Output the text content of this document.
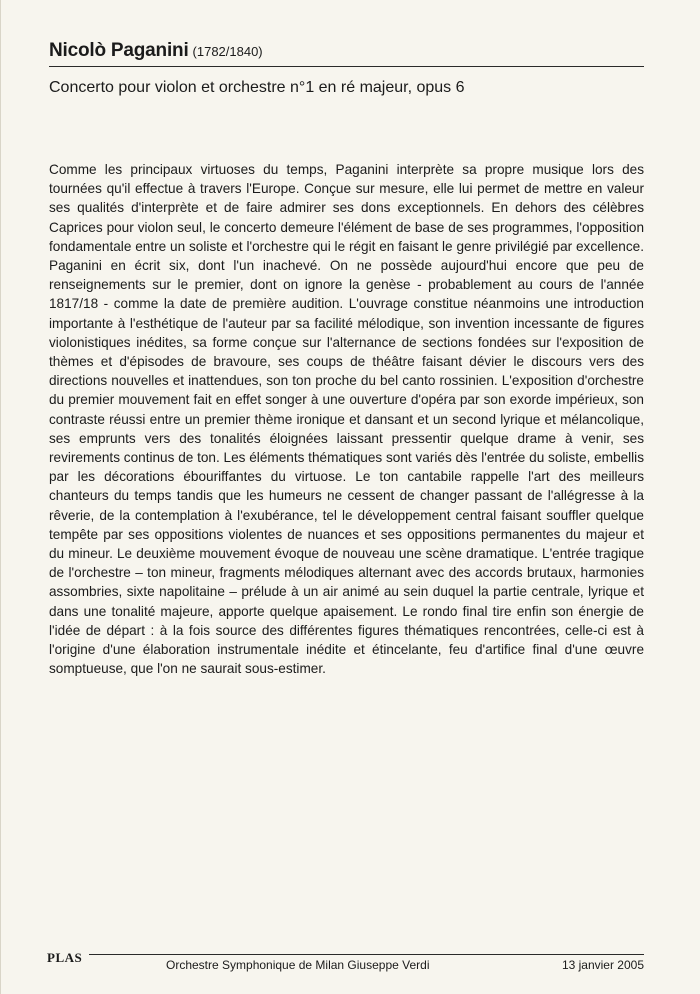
Nicolò Paganini (1782/1840)
Concerto pour violon et orchestre n°1 en ré majeur, opus 6
Comme les principaux virtuoses du temps, Paganini interprète sa propre musique lors des tournées qu'il effectue à travers l'Europe. Conçue sur mesure, elle lui permet de mettre en valeur ses qualités d'interprète et de faire admirer ses dons exceptionnels. En dehors des célèbres Caprices pour violon seul, le concerto demeure l'élément de base de ses programmes, l'opposition fondamentale entre un soliste et l'orchestre qui le régit en faisant le genre privilégié par excellence. Paganini en écrit six, dont l'un inachevé. On ne possède aujourd'hui encore que peu de renseignements sur le premier, dont on ignore la genèse - probablement au cours de l'année 1817/18 - comme la date de première audition. L'ouvrage constitue néanmoins une introduction importante à l'esthétique de l'auteur par sa facilité mélodique, son invention incessante de figures violonistiques inédites, sa forme conçue sur l'alternance de sections fondées sur l'exposition de thèmes et d'épisodes de bravoure, ses coups de théâtre faisant dévier le discours vers des directions nouvelles et inattendues, son ton proche du bel canto rossinien. L'exposition d'orchestre du premier mouvement fait en effet songer à une ouverture d'opéra par son exorde impérieux, son contraste réussi entre un premier thème ironique et dansant et un second lyrique et mélancolique, ses emprunts vers des tonalités éloignées laissant pressentir quelque drame à venir, ses revirements continus de ton. Les éléments thématiques sont variés dès l'entrée du soliste, embellis par les décorations ébouriffantes du virtuose. Le ton cantabile rappelle l'art des meilleurs chanteurs du temps tandis que les humeurs ne cessent de changer passant de l'allégresse à la rêverie, de la contemplation à l'exubérance, tel le développement central faisant souffler quelque tempête par ses oppositions violentes de nuances et ses oppositions permanentes du majeur et du mineur. Le deuxième mouvement évoque de nouveau une scène dramatique. L'entrée tragique de l'orchestre – ton mineur, fragments mélodiques alternant avec des accords brutaux, harmonies assombries, sixte napolitaine – prélude à un air animé au sein duquel la partie centrale, lyrique et dans une tonalité majeure, apporte quelque apaisement. Le rondo final tire enfin son énergie de l'idée de départ : à la fois source des différentes figures thématiques rencontrées, celle-ci est à l'origine d'une élaboration instrumentale inédite et étincelante, feu d'artifice final d'une œuvre somptueuse, que l'on ne saurait sous-estimer.
PLAS	Orchestre Symphonique de Milan Giuseppe Verdi	13 janvier 2005
